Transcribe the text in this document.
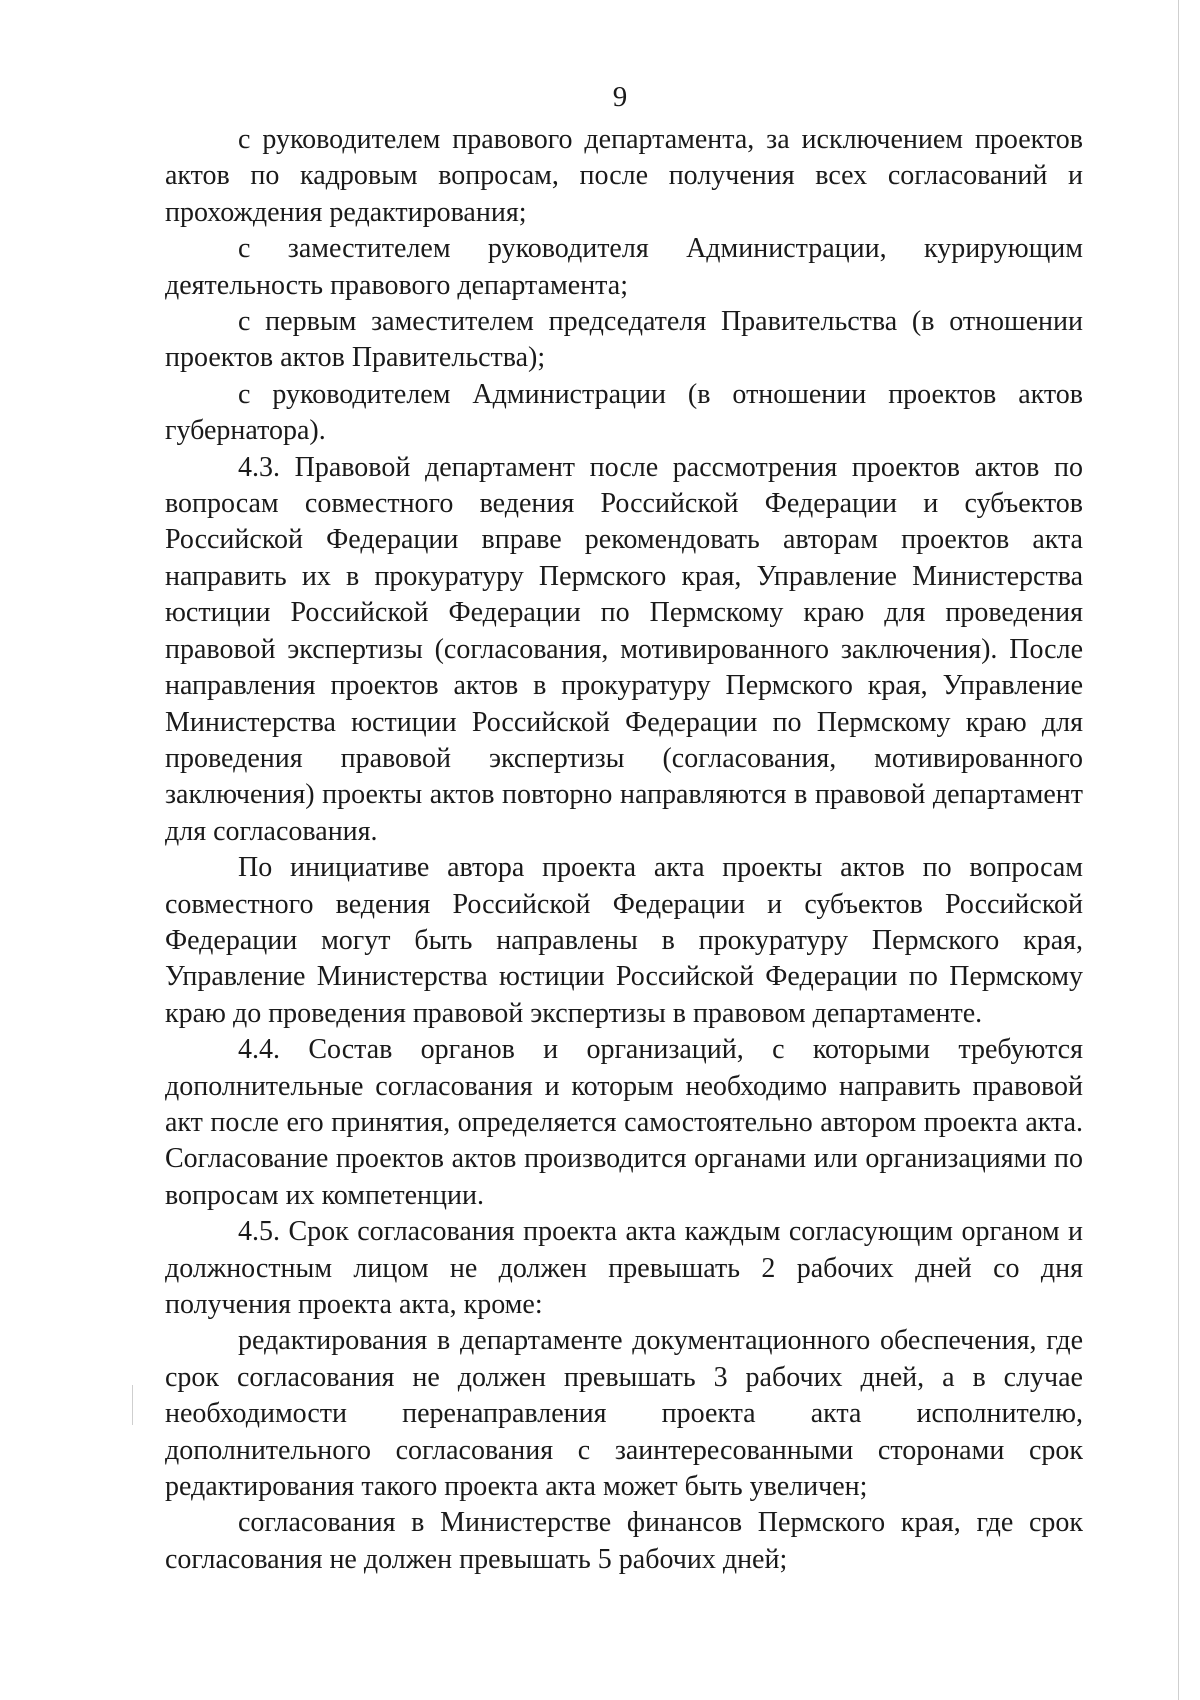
9

с руководителем правового департамента, за исключением проектов актов по кадровым вопросам, после получения всех согласований и прохождения редактирования;

с заместителем руководителя Администрации, курирующим деятельность правового департамента;

с первым заместителем председателя Правительства (в отношении проектов актов Правительства);

с руководителем Администрации (в отношении проектов актов губернатора).

4.3. Правовой департамент после рассмотрения проектов актов по вопросам совместного ведения Российской Федерации и субъектов Российской Федерации вправе рекомендовать авторам проектов акта направить их в прокуратуру Пермского края, Управление Министерства юстиции Российской Федерации по Пермскому краю для проведения правовой экспертизы (согласования, мотивированного заключения). После направления проектов актов в прокуратуру Пермского края, Управление Министерства юстиции Российской Федерации по Пермскому краю для проведения правовой экспертизы (согласования, мотивированного заключения) проекты актов повторно направляются в правовой департамент для согласования.

По инициативе автора проекта акта проекты актов по вопросам совместного ведения Российской Федерации и субъектов Российской Федерации могут быть направлены в прокуратуру Пермского края, Управление Министерства юстиции Российской Федерации по Пермскому краю до проведения правовой экспертизы в правовом департаменте.

4.4. Состав органов и организаций, с которыми требуются дополнительные согласования и которым необходимо направить правовой акт после его принятия, определяется самостоятельно автором проекта акта. Согласование проектов актов производится органами или организациями по вопросам их компетенции.

4.5. Срок согласования проекта акта каждым согласующим органом и должностным лицом не должен превышать 2 рабочих дней со дня получения проекта акта, кроме:

редактирования в департаменте документационного обеспечения, где срок согласования не должен превышать 3 рабочих дней, а в случае необходимости перенаправления проекта акта исполнителю, дополнительного согласования с заинтересованными сторонами срок редактирования такого проекта акта может быть увеличен;

согласования в Министерстве финансов Пермского края, где срок согласования не должен превышать 5 рабочих дней;
